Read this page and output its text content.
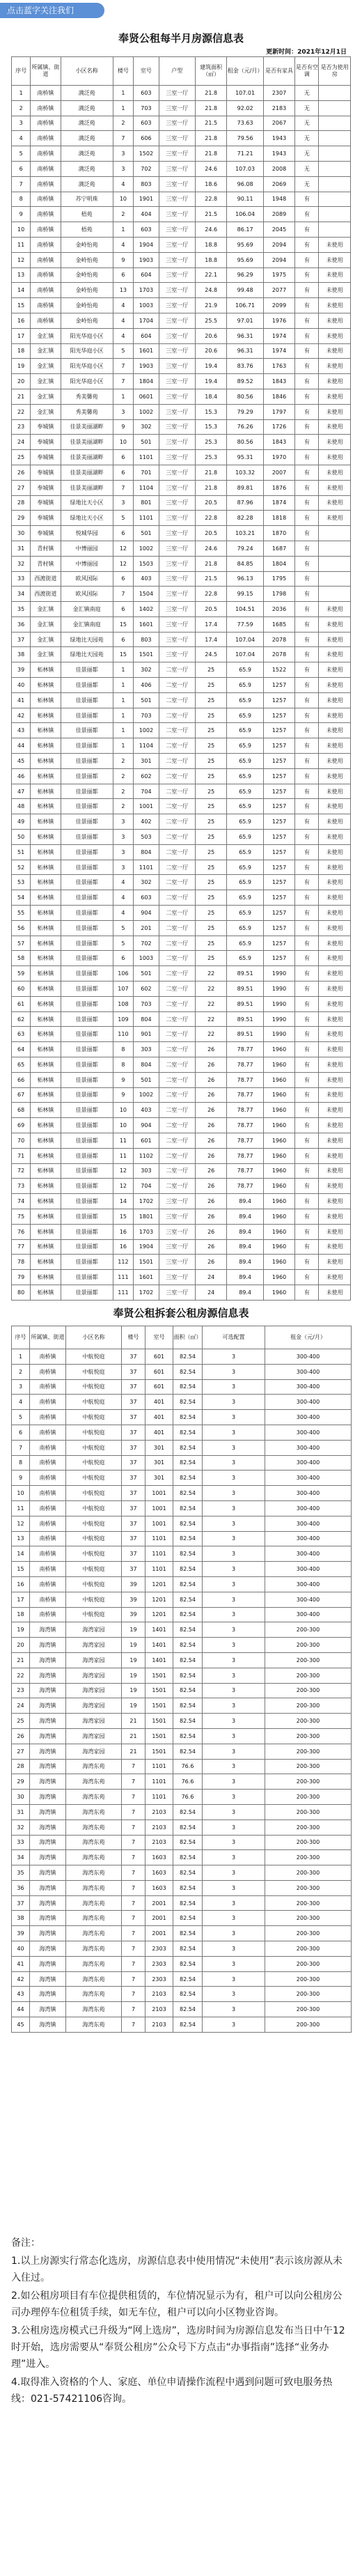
点击蓝字关注我们
奉贤公租每半月房源信息表
更新时间：2021年12月1日
序号	所属镇、街道	小区名称	楼号	室号	户型	建筑面积（㎡）	租金（元/月）	是否有家具	是否有空调	是否为使用房
1	南桥镇	满泛苑	1	603	三室一厅	21.8	107.01	2307	无	
2	南桥镇	满泛苑	1	703	三室一厅	21.8	92.02	2183	无	
3	南桥镇	满泛苑	2	603	三室一厅	21.5	73.63	2067	无	
4	南桥镇	满泛苑	7	606	三室一厅	21.8	79.56	1943	无	
5	南桥镇	满泛苑	3	1502	三室一厅	21.8	71.21	1943	无	
6	南桥镇	满泛苑	3	702	三室一厅	24.6	107.03	2008	无	
7	南桥镇	满泛苑	4	803	三室一厅	18.6	96.08	2069	无	
8	南桥镇	苏宁明珠	10	1901	三室一厅	22.8	90.11	1948	有	
9	南桥镇	梧苑	2	404	三室一厅	21.5	106.04	2089	有	
10	南桥镇	梧苑	1	603	三室一厅	24.6	86.17	2045	有	
11	南桥镇	金岭怡苑	4	1904	三室一厅	18.8	95.69	2094	有	未使用
12	南桥镇	金岭怡苑	9	1903	三室一厅	18.8	95.69	2094	有	未使用
13	南桥镇	金岭怡苑	6	604	三室一厅	22.1	96.29	1975	有	未使用
14	南桥镇	金岭怡苑	13	1703	三室一厅	24.8	99.48	2077	有	未使用
15	南桥镇	金岭怡苑	4	1003	三室一厅	21.9	106.71	2099	有	未使用
16	南桥镇	金岭怡苑	4	1704	三室一厅	25.5	97.01	1976	有	未使用
17	金汇镇	阳光华庭小区	4	604	三室一厅	20.6	96.31	1974	有	未使用
18	金汇镇	阳光华庭小区	5	1601	三室一厅	20.6	96.31	1974	有	未使用
19	金汇镇	阳光华庭小区	7	1903	三室一厅	19.4	83.76	1763	有	未使用
20	金汇镇	阳光华庭小区	7	1804	三室一厅	19.4	89.52	1843	有	未使用
21	金汇镇	秀美馨苑	1	0601	三室一厅	18.4	80.56	1846	有	未使用
22	金汇镇	秀美馨苑	3	1002	三室一厅	15.3	79.29	1797	有	未使用
23	奉城镇	佳景美丽湖畔	9	302	三室一厅	15.3	76.26	1726	有	未使用
24	奉城镇	佳景美丽湖畔	10	501	三室一厅	25.3	80.56	1843	有	未使用
25	奉城镇	佳景美丽湖畔	6	1101	三室一厅	25.3	95.31	1970	有	未使用
26	奉城镇	佳景美丽湖畔	6	701	三室一厅	21.8	103.32	2007	有	未使用
27	奉城镇	佳景美丽湖畔	7	1104	三室一厅	21.8	89.81	1876	有	未使用
28	奉城镇	绿地比天小区	3	801	三室一厅	20.5	87.96	1874	有	未使用
29	奉城镇	绿地比天小区	5	1101	三室一厅	22.8	82.28	1818	有	未使用
30	奉城镇	悦城华园	6	501	三室一厅	20.5	103.21	1870	有	
31	青村镇	中博丽园	12	1002	三室一厅	24.6	79.24	1687	有	
32	青村镇	中博丽园	12	1503	三室一厅	21.8	84.85	1804	有	
33	西渡街道	欧风国际	6	403	三室一厅	21.5	96.13	1795	有	
34	西渡街道	欧风国际	7	1504	三室一厅	22.8	99.15	1798	有	
35	金汇镇	金汇镇南庭	6	1402	三室一厅	20.5	104.51	2036	有	未使用
36	金汇镇	金汇镇南庭	15	1601	三室一厅	17.4	77.59	1685	有	未使用
37	金汇镇	绿地比天园苑	6	803	三室一厅	17.4	107.04	2078	有	未使用
38	金汇镇	绿地比天园苑	15	1501	三室一厅	24.5	107.04	2078	有	未使用
39	柘林镇	佳景丽都	1	302	二室一厅	25	65.9	1522	有	未使用
40	柘林镇	佳景丽都	1	406	二室一厅	25	65.9	1257	有	未使用
41	柘林镇	佳景丽都	1	501	二室一厅	25	65.9	1257	有	未使用
42	柘林镇	佳景丽都	1	703	二室一厅	25	65.9	1257	有	未使用
43	柘林镇	佳景丽都	1	1002	二室一厅	25	65.9	1257	有	未使用
44	柘林镇	佳景丽都	1	1104	二室一厅	25	65.9	1257	有	未使用
45	柘林镇	佳景丽都	2	301	二室一厅	25	65.9	1257	有	未使用
46	柘林镇	佳景丽都	2	602	二室一厅	25	65.9	1257	有	未使用
47	柘林镇	佳景丽都	2	704	二室一厅	25	65.9	1257	有	未使用
48	柘林镇	佳景丽都	2	1001	二室一厅	25	65.9	1257	有	未使用
49	柘林镇	佳景丽都	3	402	二室一厅	25	65.9	1257	有	未使用
50	柘林镇	佳景丽都	3	503	二室一厅	25	65.9	1257	有	未使用
51	柘林镇	佳景丽都	3	804	二室一厅	25	65.9	1257	有	未使用
52	柘林镇	佳景丽都	3	1101	二室一厅	25	65.9	1257	有	未使用
53	柘林镇	佳景丽都	4	302	二室一厅	25	65.9	1257	有	未使用
54	柘林镇	佳景丽都	4	603	二室一厅	25	65.9	1257	有	未使用
55	柘林镇	佳景丽都	4	904	二室一厅	25	65.9	1257	有	未使用
56	柘林镇	佳景丽都	5	201	二室一厅	25	65.9	1257	有	未使用
57	柘林镇	佳景丽都	5	702	二室一厅	25	65.9	1257	有	未使用
58	柘林镇	佳景丽都	6	1003	二室一厅	25	65.9	1257	有	未使用
59	柘林镇	佳景丽都	106	501	二室一厅	22	89.51	1990	有	未使用
60	柘林镇	佳景丽都	107	602	二室一厅	22	89.51	1990	有	未使用
61	柘林镇	佳景丽都	108	703	二室一厅	22	89.51	1990	有	未使用
62	柘林镇	佳景丽都	109	804	二室一厅	22	89.51	1990	有	未使用
63	柘林镇	佳景丽都	110	901	二室一厅	22	89.51	1990	有	未使用
64	柘林镇	佳景丽都	8	303	二室一厅	26	78.77	1960	有	未使用
65	柘林镇	佳景丽都	8	804	二室一厅	26	78.77	1960	有	未使用
66	柘林镇	佳景丽都	9	501	二室一厅	26	78.77	1960	有	未使用
67	柘林镇	佳景丽都	9	1002	二室一厅	26	78.77	1960	有	未使用
68	柘林镇	佳景丽都	10	403	二室一厅	26	78.77	1960	有	未使用
69	柘林镇	佳景丽都	10	904	二室一厅	26	78.77	1960	有	未使用
70	柘林镇	佳景丽都	11	601	二室一厅	26	78.77	1960	有	未使用
71	柘林镇	佳景丽都	11	1102	二室一厅	26	78.77	1960	有	未使用
72	柘林镇	佳景丽都	12	303	二室一厅	26	78.77	1960	有	未使用
73	柘林镇	佳景丽都	12	704	二室一厅	26	78.77	1960	有	未使用
74	柘林镇	佳景丽都	14	1702	三室一厅	26	89.4	1960	有	未使用
75	柘林镇	佳景丽都	15	1801	三室一厅	26	89.4	1960	有	未使用
76	柘林镇	佳景丽都	16	1703	三室一厅	26	89.4	1960	有	未使用
77	柘林镇	佳景丽都	16	1904	三室一厅	26	89.4	1960	有	未使用
78	柘林镇	佳景丽都	112	1501	三室一厅	26	89.4	1960	有	未使用
79	柘林镇	佳景丽都	111	1601	三室一厅	24	89.4	1960	有	未使用
80	柘林镇	佳景丽都	111	1702	三室一厅	24	89.4	1960	有	未使用
奉贤公租拆套公租房源信息表
序号	所属镇、街道	小区名称	楼号	室号	面积（㎡）	可选配置	租金（元/月）
1	南桥镇	中航悦庭	37	601	82.54	3	300-400
2	南桥镇	中航悦庭	37	601	82.54	3	300-400
3	南桥镇	中航悦庭	37	601	82.54	3	300-400
4	南桥镇	中航悦庭	37	401	82.54	3	300-400
5	南桥镇	中航悦庭	37	401	82.54	3	300-400
6	南桥镇	中航悦庭	37	401	82.54	3	300-400
7	南桥镇	中航悦庭	37	301	82.54	3	300-400
8	南桥镇	中航悦庭	37	301	82.54	3	300-400
9	南桥镇	中航悦庭	37	301	82.54	3	300-400
10	南桥镇	中航悦庭	37	1001	82.54	3	300-400
11	南桥镇	中航悦庭	37	1001	82.54	3	300-400
12	南桥镇	中航悦庭	37	1001	82.54	3	300-400
13	南桥镇	中航悦庭	37	1101	82.54	3	300-400
14	南桥镇	中航悦庭	37	1101	82.54	3	300-400
15	南桥镇	中航悦庭	37	1101	82.54	3	300-400
16	南桥镇	中航悦庭	39	1201	82.54	3	300-400
17	南桥镇	中航悦庭	39	1201	82.54	3	300-400
18	南桥镇	中航悦庭	39	1201	82.54	3	300-400
19	海湾镇	海湾家园	19	1401	82.54	3	200-300
20	海湾镇	海湾家园	19	1401	82.54	3	200-300
21	海湾镇	海湾家园	19	1401	82.54	3	200-300
22	海湾镇	海湾家园	19	1501	82.54	3	200-300
23	海湾镇	海湾家园	19	1501	82.54	3	200-300
24	海湾镇	海湾家园	19	1501	82.54	3	200-300
25	海湾镇	海湾家园	21	1501	82.54	3	200-300
26	海湾镇	海湾家园	21	1501	82.54	3	200-300
27	海湾镇	海湾家园	21	1501	82.54	3	200-300
28	海湾镇	海湾东苑	7	1101	76.6	3	200-300
29	海湾镇	海湾东苑	7	1101	76.6	3	200-300
30	海湾镇	海湾东苑	7	1101	76.6	3	200-300
31	海湾镇	海湾东苑	7	2103	82.54	3	200-300
32	海湾镇	海湾东苑	7	2103	82.54	3	200-300
33	海湾镇	海湾东苑	7	2103	82.54	3	200-300
34	海湾镇	海湾东苑	7	1603	82.54	3	200-300
35	海湾镇	海湾东苑	7	1603	82.54	3	200-300
36	海湾镇	海湾东苑	7	1603	82.54	3	200-300
37	海湾镇	海湾东苑	7	2001	82.54	3	200-300
38	海湾镇	海湾东苑	7	2001	82.54	3	200-300
39	海湾镇	海湾东苑	7	2001	82.54	3	200-300
40	海湾镇	海湾东苑	7	2303	82.54	3	200-300
41	海湾镇	海湾东苑	7	2303	82.54	3	200-300
42	海湾镇	海湾东苑	7	2303	82.54	3	200-300
43	海湾镇	海湾东苑	7	2103	82.54	3	200-300
44	海湾镇	海湾东苑	7	2103	82.54	3	200-300
45	海湾镇	海湾东苑	7	2103	82.54	3	200-300

备注：

1.以上房源实行常态化选房，房源信息表中使用情况“未使用”表示该房源从未入住过。

2.如公租房项目有车位提供租赁的，车位情况显示为有，租户可以向公租房公司办理停车位租赁手续，如无车位，租户可以向小区物业咨询。

3.公租房选房模式已升级为“网上选房”，选房时间为房源信息发布当日中午12时开始，选房需要从“奉贤公租房”公众号下方点击“办事指南”选择“业务办理”进入。

4.取得准入资格的个人、家庭、单位申请操作流程中遇到问题可致电服务热线：021-57421106咨询。
